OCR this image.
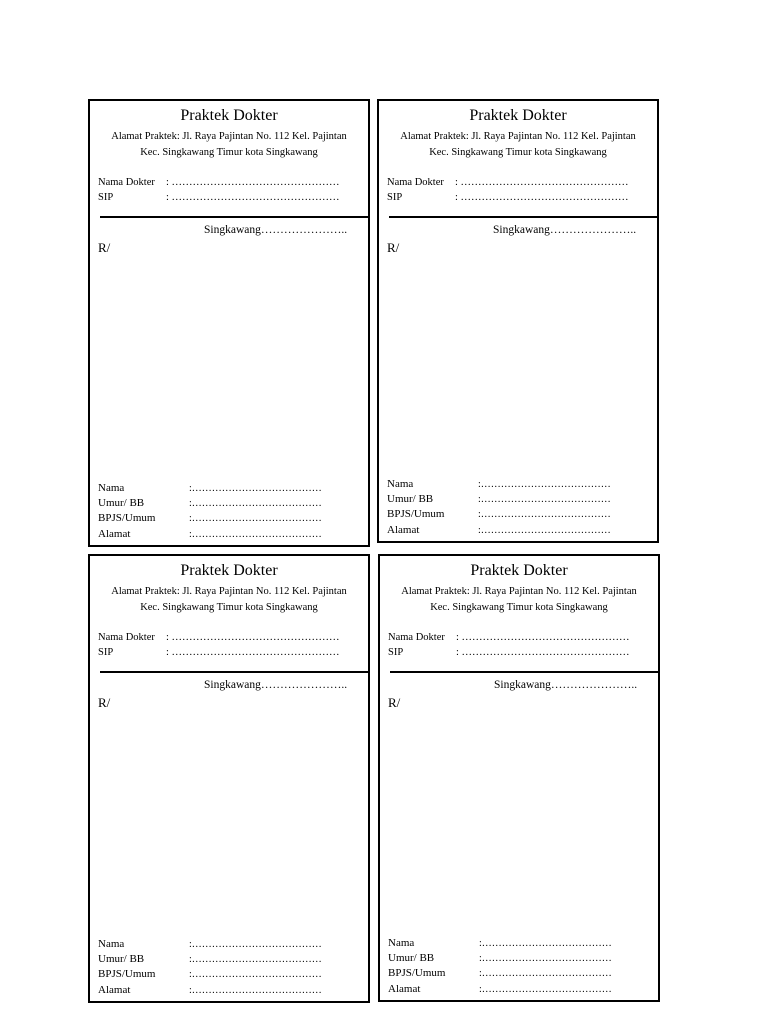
Praktek Dokter
Alamat Praktek: Jl. Raya Pajintan No. 112 Kel. Pajintan
Kec. Singkawang Timur kota Singkawang
Nama Dokter : …………………………………………
SIP	: …………………………………………
Singkawang…………………..
R/
Nama	:…………………………………
Umur/ BB	:…………………………………
BPJS/Umum	:…………………………………
Alamat	:…………………………………
Praktek Dokter
Alamat Praktek: Jl. Raya Pajintan No. 112 Kel. Pajintan
Kec. Singkawang Timur kota Singkawang
Nama Dokter : …………………………………………
SIP	: …………………………………………
Singkawang…………………..
R/
Nama	:…………………………………
Umur/ BB	:…………………………………
BPJS/Umum	:…………………………………
Alamat	:…………………………………
Praktek Dokter
Alamat Praktek: Jl. Raya Pajintan No. 112 Kel. Pajintan
Kec. Singkawang Timur kota Singkawang
Nama Dokter : …………………………………………
SIP	: …………………………………………
Singkawang…………………..
R/
Nama	:…………………………………
Umur/ BB	:…………………………………
BPJS/Umum	:…………………………………
Alamat	:…………………………………
Praktek Dokter
Alamat Praktek: Jl. Raya Pajintan No. 112 Kel. Pajintan
Kec. Singkawang Timur kota Singkawang
Nama Dokter : …………………………………………
SIP	: …………………………………………
Singkawang…………………..
R/
Nama	:…………………………………
Umur/ BB	:…………………………………
BPJS/Umum	:…………………………………
Alamat	:…………………………………
